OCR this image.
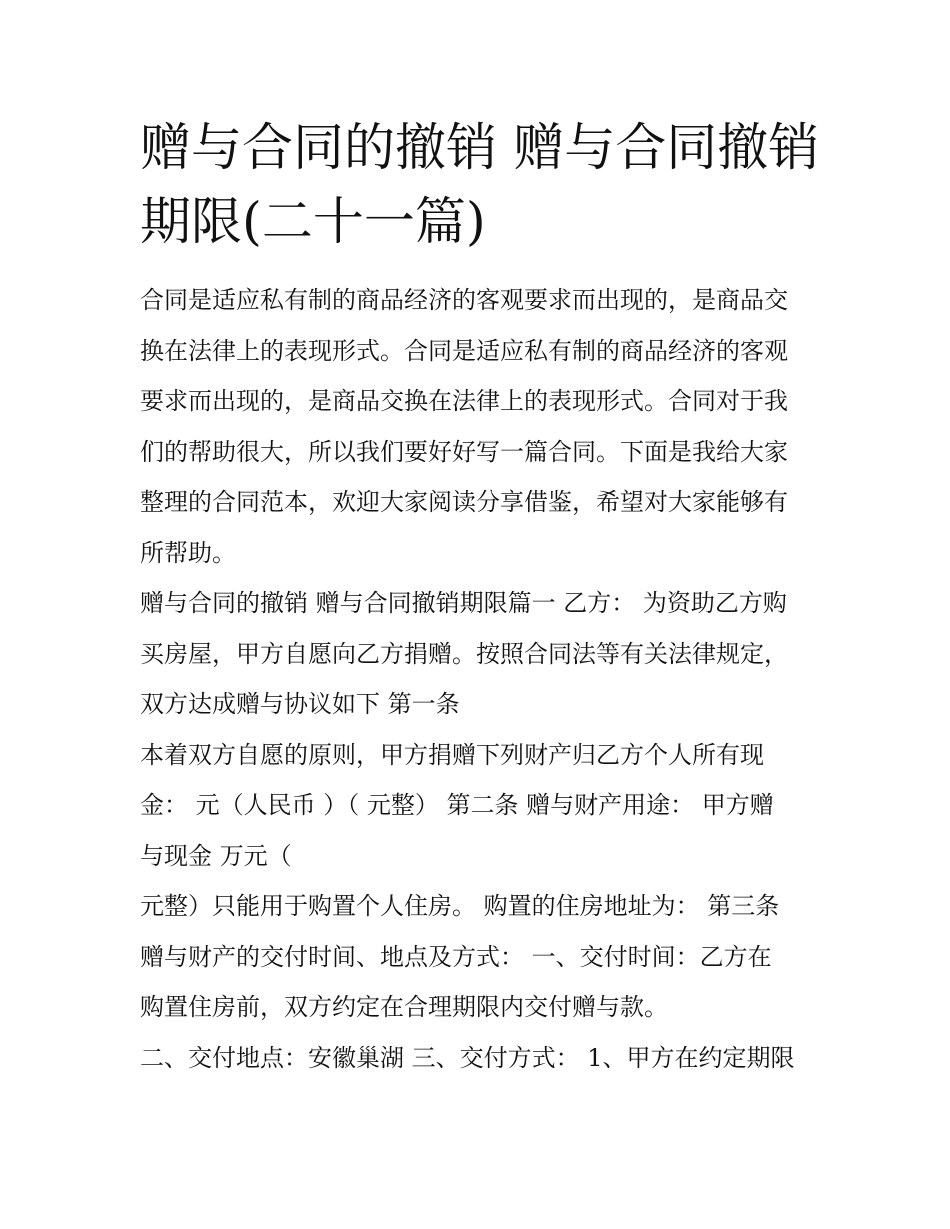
赠与合同的撤销 赠与合同撤销
期限(二十一篇)

合同是适应私有制的商品经济的客观要求而出现的，是商品交
换在法律上的表现形式。合同是适应私有制的商品经济的客观
要求而出现的，是商品交换在法律上的表现形式。合同对于我
们的帮助很大，所以我们要好好写一篇合同。下面是我给大家
整理的合同范本，欢迎大家阅读分享借鉴，希望对大家能够有
所帮助。

赠与合同的撤销 赠与合同撤销期限篇一 乙方： 为资助乙方购
买房屋，甲方自愿向乙方捐赠。按照合同法等有关法律规定，
双方达成赠与协议如下 第一条

本着双方自愿的原则，甲方捐赠下列财产归乙方个人所有现
金： 元（人民币 ）（ 元整） 第二条 赠与财产用途： 甲方赠
与现金 万元（

元整）只能用于购置个人住房。 购置的住房地址为： 第三条
赠与财产的交付时间、地点及方式： 一、交付时间：乙方在
购置住房前，双方约定在合理期限内交付赠与款。

二、交付地点：安徽巢湖 三、交付方式： 1、甲方在约定期限
